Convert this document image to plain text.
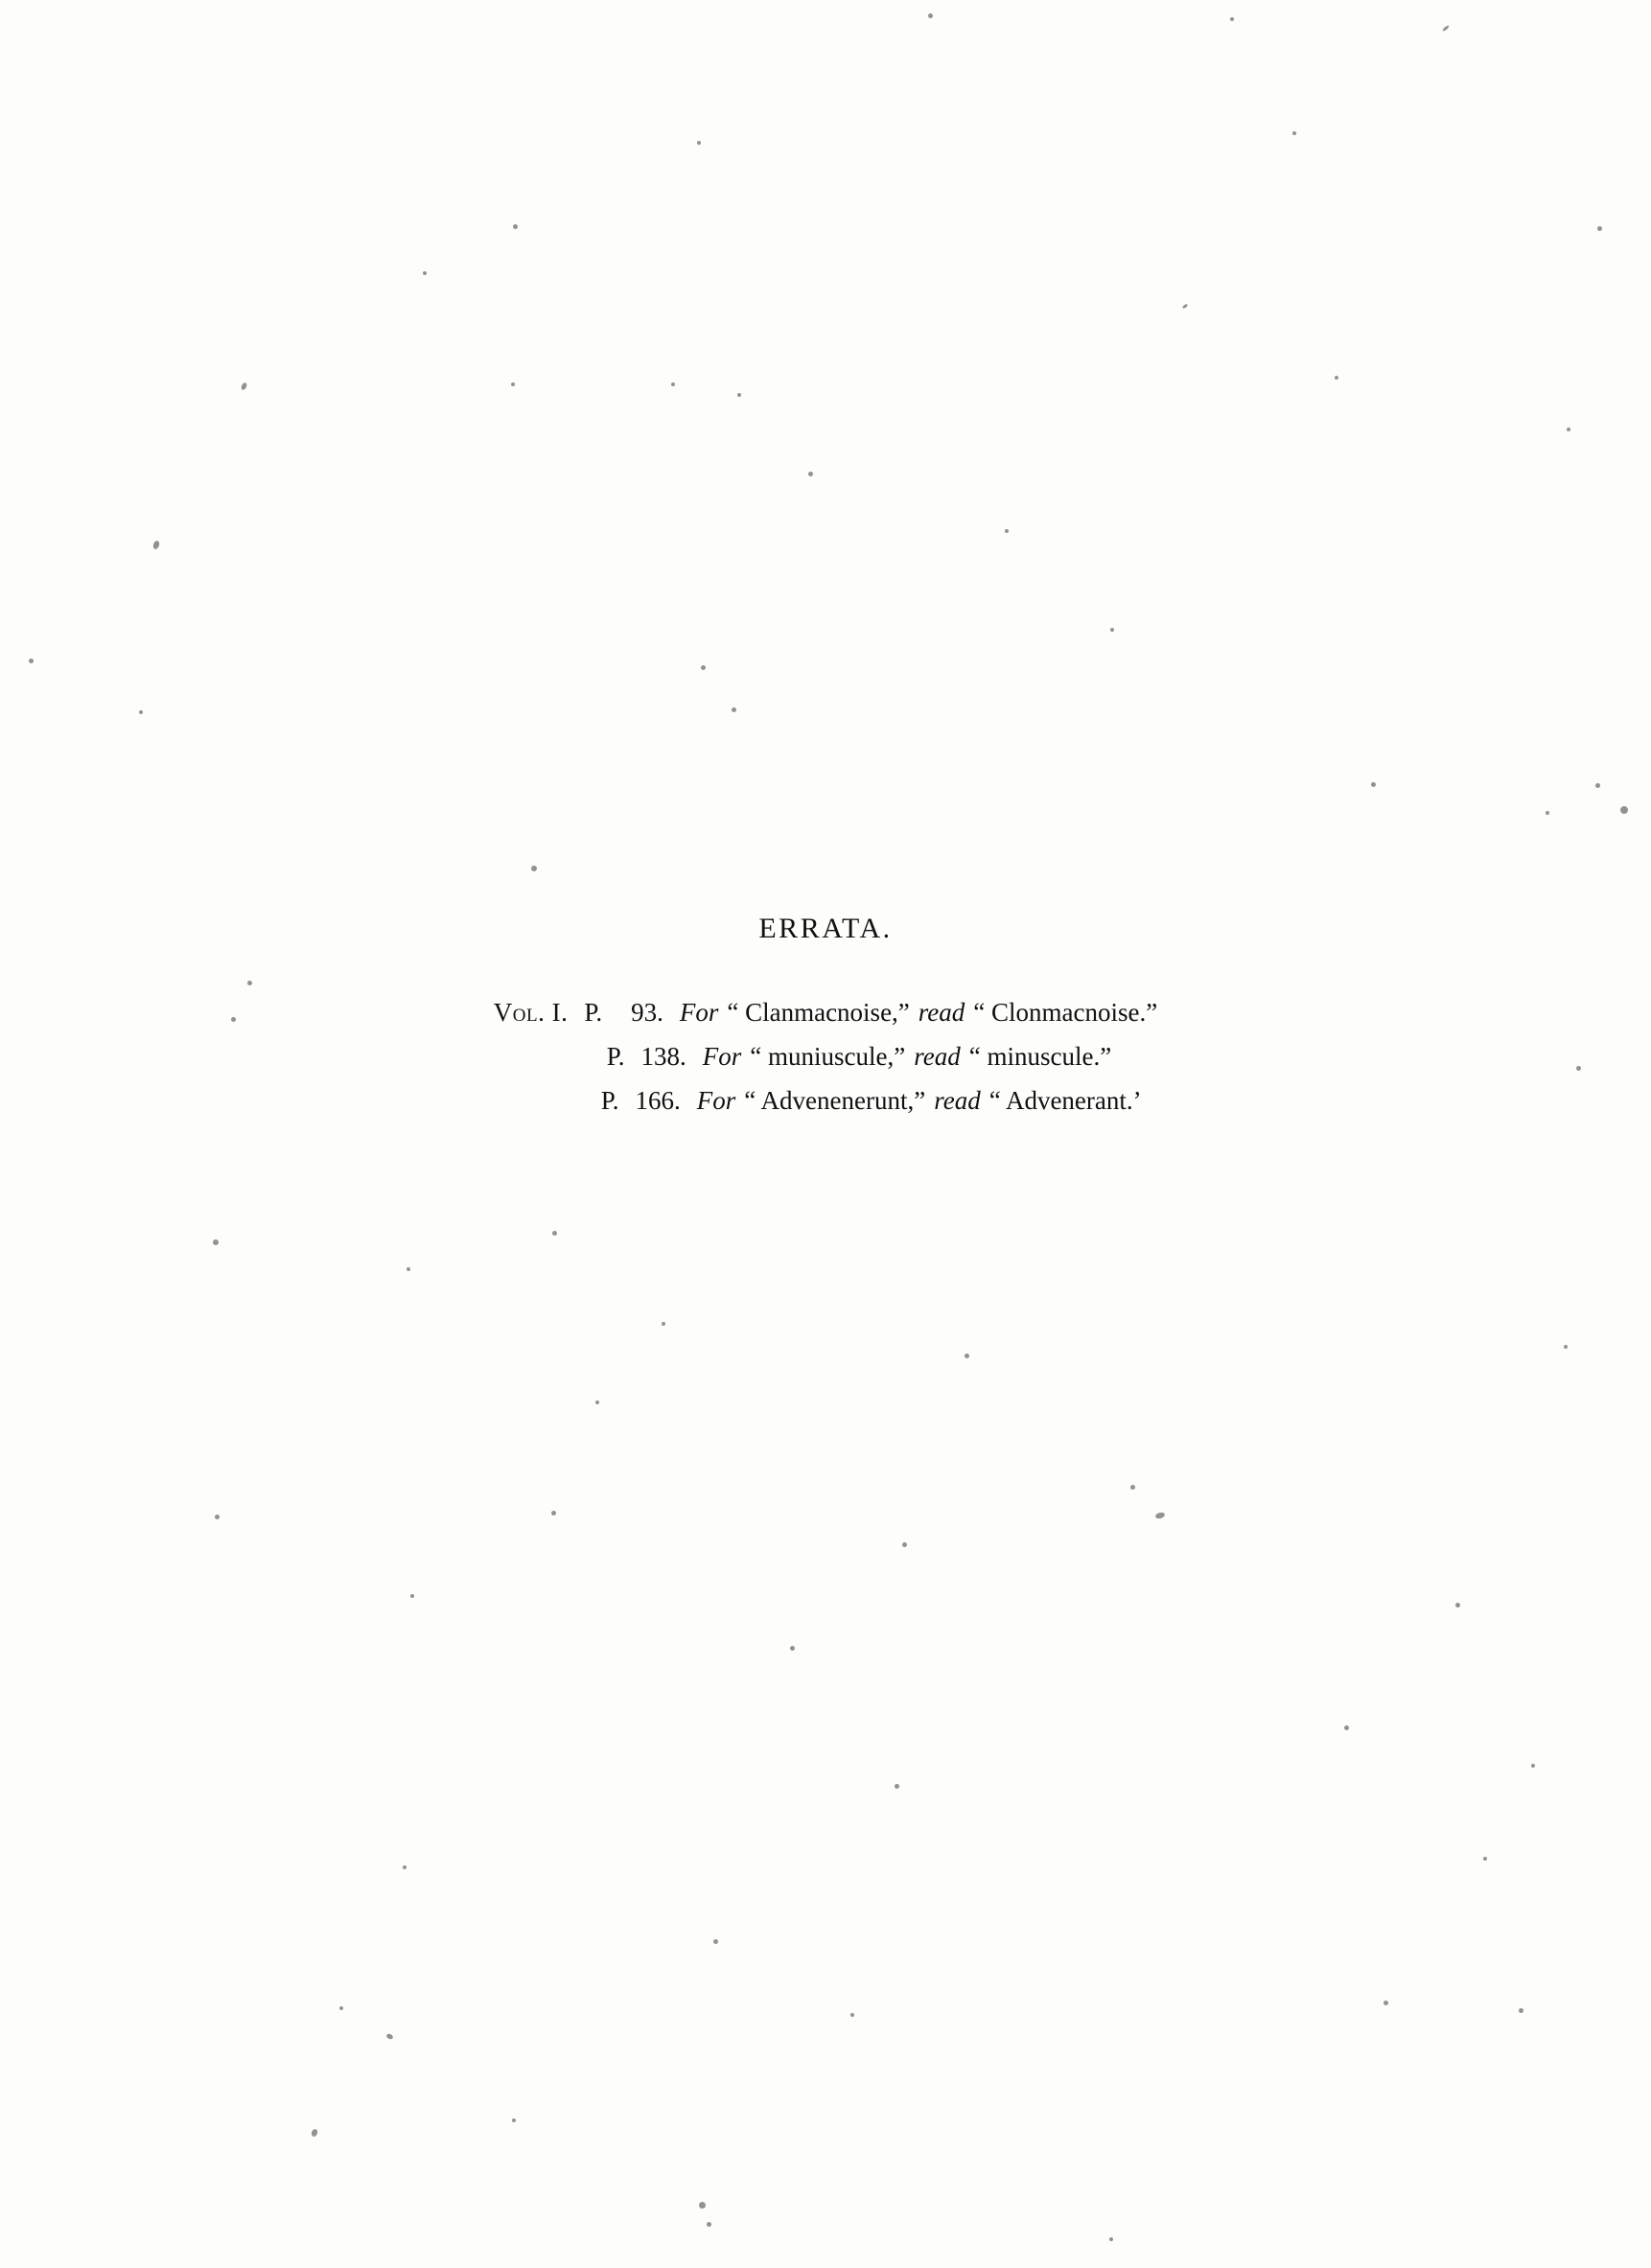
ERRATA.
Vol. I. P. 93. For “ Clanmacnoise,” read “ Clonmacnoise.”
P. 138. For “ muniuscule,” read “ minuscule.”
P. 166. For “ Advenenerunt,” read “ Advenerant.’
